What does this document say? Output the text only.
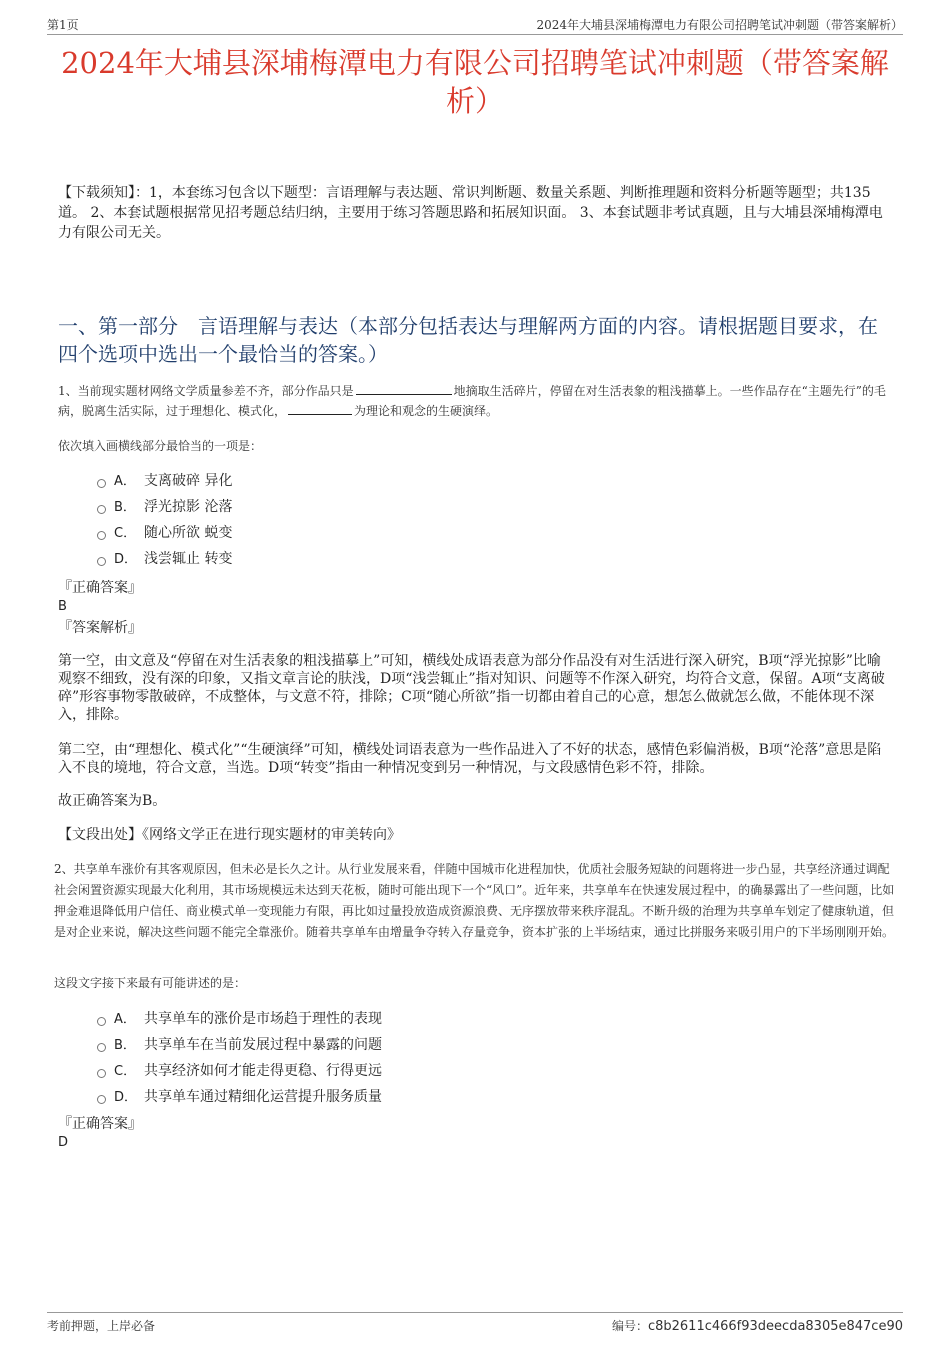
第1页	2024年大埔县深埔梅潭电力有限公司招聘笔试冲刺题（带答案解析）
2024年大埔县深埔梅潭电力有限公司招聘笔试冲刺题（带答案解析）
【下载须知】：1，本套练习包含以下题型：言语理解与表达题、常识判断题、数量关系题、判断推理题和资料分析题等题型；共135道。 2、本套试题根据常见招考题总结归纳，主要用于练习答题思路和拓展知识面。 3、本套试题非考试真题，且与大埔县深埔梅潭电力有限公司无关。
一、第一部分　言语理解与表达（本部分包括表达与理解两方面的内容。请根据题目要求，在四个选项中选出一个最恰当的答案。）
1、当前现实题材网络文学质量参差不齐，部分作品只是	地摘取生活碎片，停留在对生活表象的粗浅描摹上。一些作品存在“主题先行”的毛病，脱离生活实际，过于理想化、模式化，	为理论和观念的生硬演绎。
依次填入画横线部分最恰当的一项是：
A． 支离破碎 异化
B． 浮光掠影 沦落
C． 随心所欲 蜕变
D． 浅尝辄止 转变
『正确答案』
B
『答案解析』
第一空，由文意及“停留在对生活表象的粗浅描摹上”可知，横线处成语表意为部分作品没有对生活进行深入研究，B项“浮光掠影”比喻观察不细致，没有深的印象，又指文章言论的肤浅，D项“浅尝辄止”指对知识、问题等不作深入研究，均符合文意，保留。A项“支离破碎”形容事物零散破碎，不成整体，与文意不符，排除；C项“随心所欲”指一切都由着自己的心意，想怎么做就怎么做，不能体现不深入，排除。
第二空，由“理想化、模式化”“生硬演绎”可知，横线处词语表意为一些作品进入了不好的状态，感情色彩偏消极，B项“沦落”意思是陷入不良的境地，符合文意，当选。D项“转变”指由一种情况变到另一种情况，与文段感情色彩不符，排除。
故正确答案为B。
【文段出处】《网络文学正在进行现实题材的审美转向》
2、共享单车涨价有其客观原因，但未必是长久之计。从行业发展来看，伴随中国城市化进程加快，优质社会服务短缺的问题将进一步凸显，共享经济通过调配社会闲置资源实现最大化利用，其市场规模远未达到天花板，随时可能出现下一个“风口”。近年来，共享单车在快速发展过程中，的确暴露出了一些问题，比如押金难退降低用户信任、商业模式单一变现能力有限，再比如过量投放造成资源浪费、无序摆放带来秩序混乱。不断升级的治理为共享单车划定了健康轨道，但是对企业来说，解决这些问题不能完全靠涨价。随着共享单车由增量争夺转入存量竞争，资本扩张的上半场结束，通过比拼服务来吸引用户的下半场刚刚开始。
这段文字接下来最有可能讲述的是：
A． 共享单车的涨价是市场趋于理性的表现
B． 共享单车在当前发展过程中暴露的问题
C． 共享经济如何才能走得更稳、行得更远
D． 共享单车通过精细化运营提升服务质量
『正确答案』
D
考前押题，上岸必备	编号：c8b2611c466f93deecda8305e847ce90
